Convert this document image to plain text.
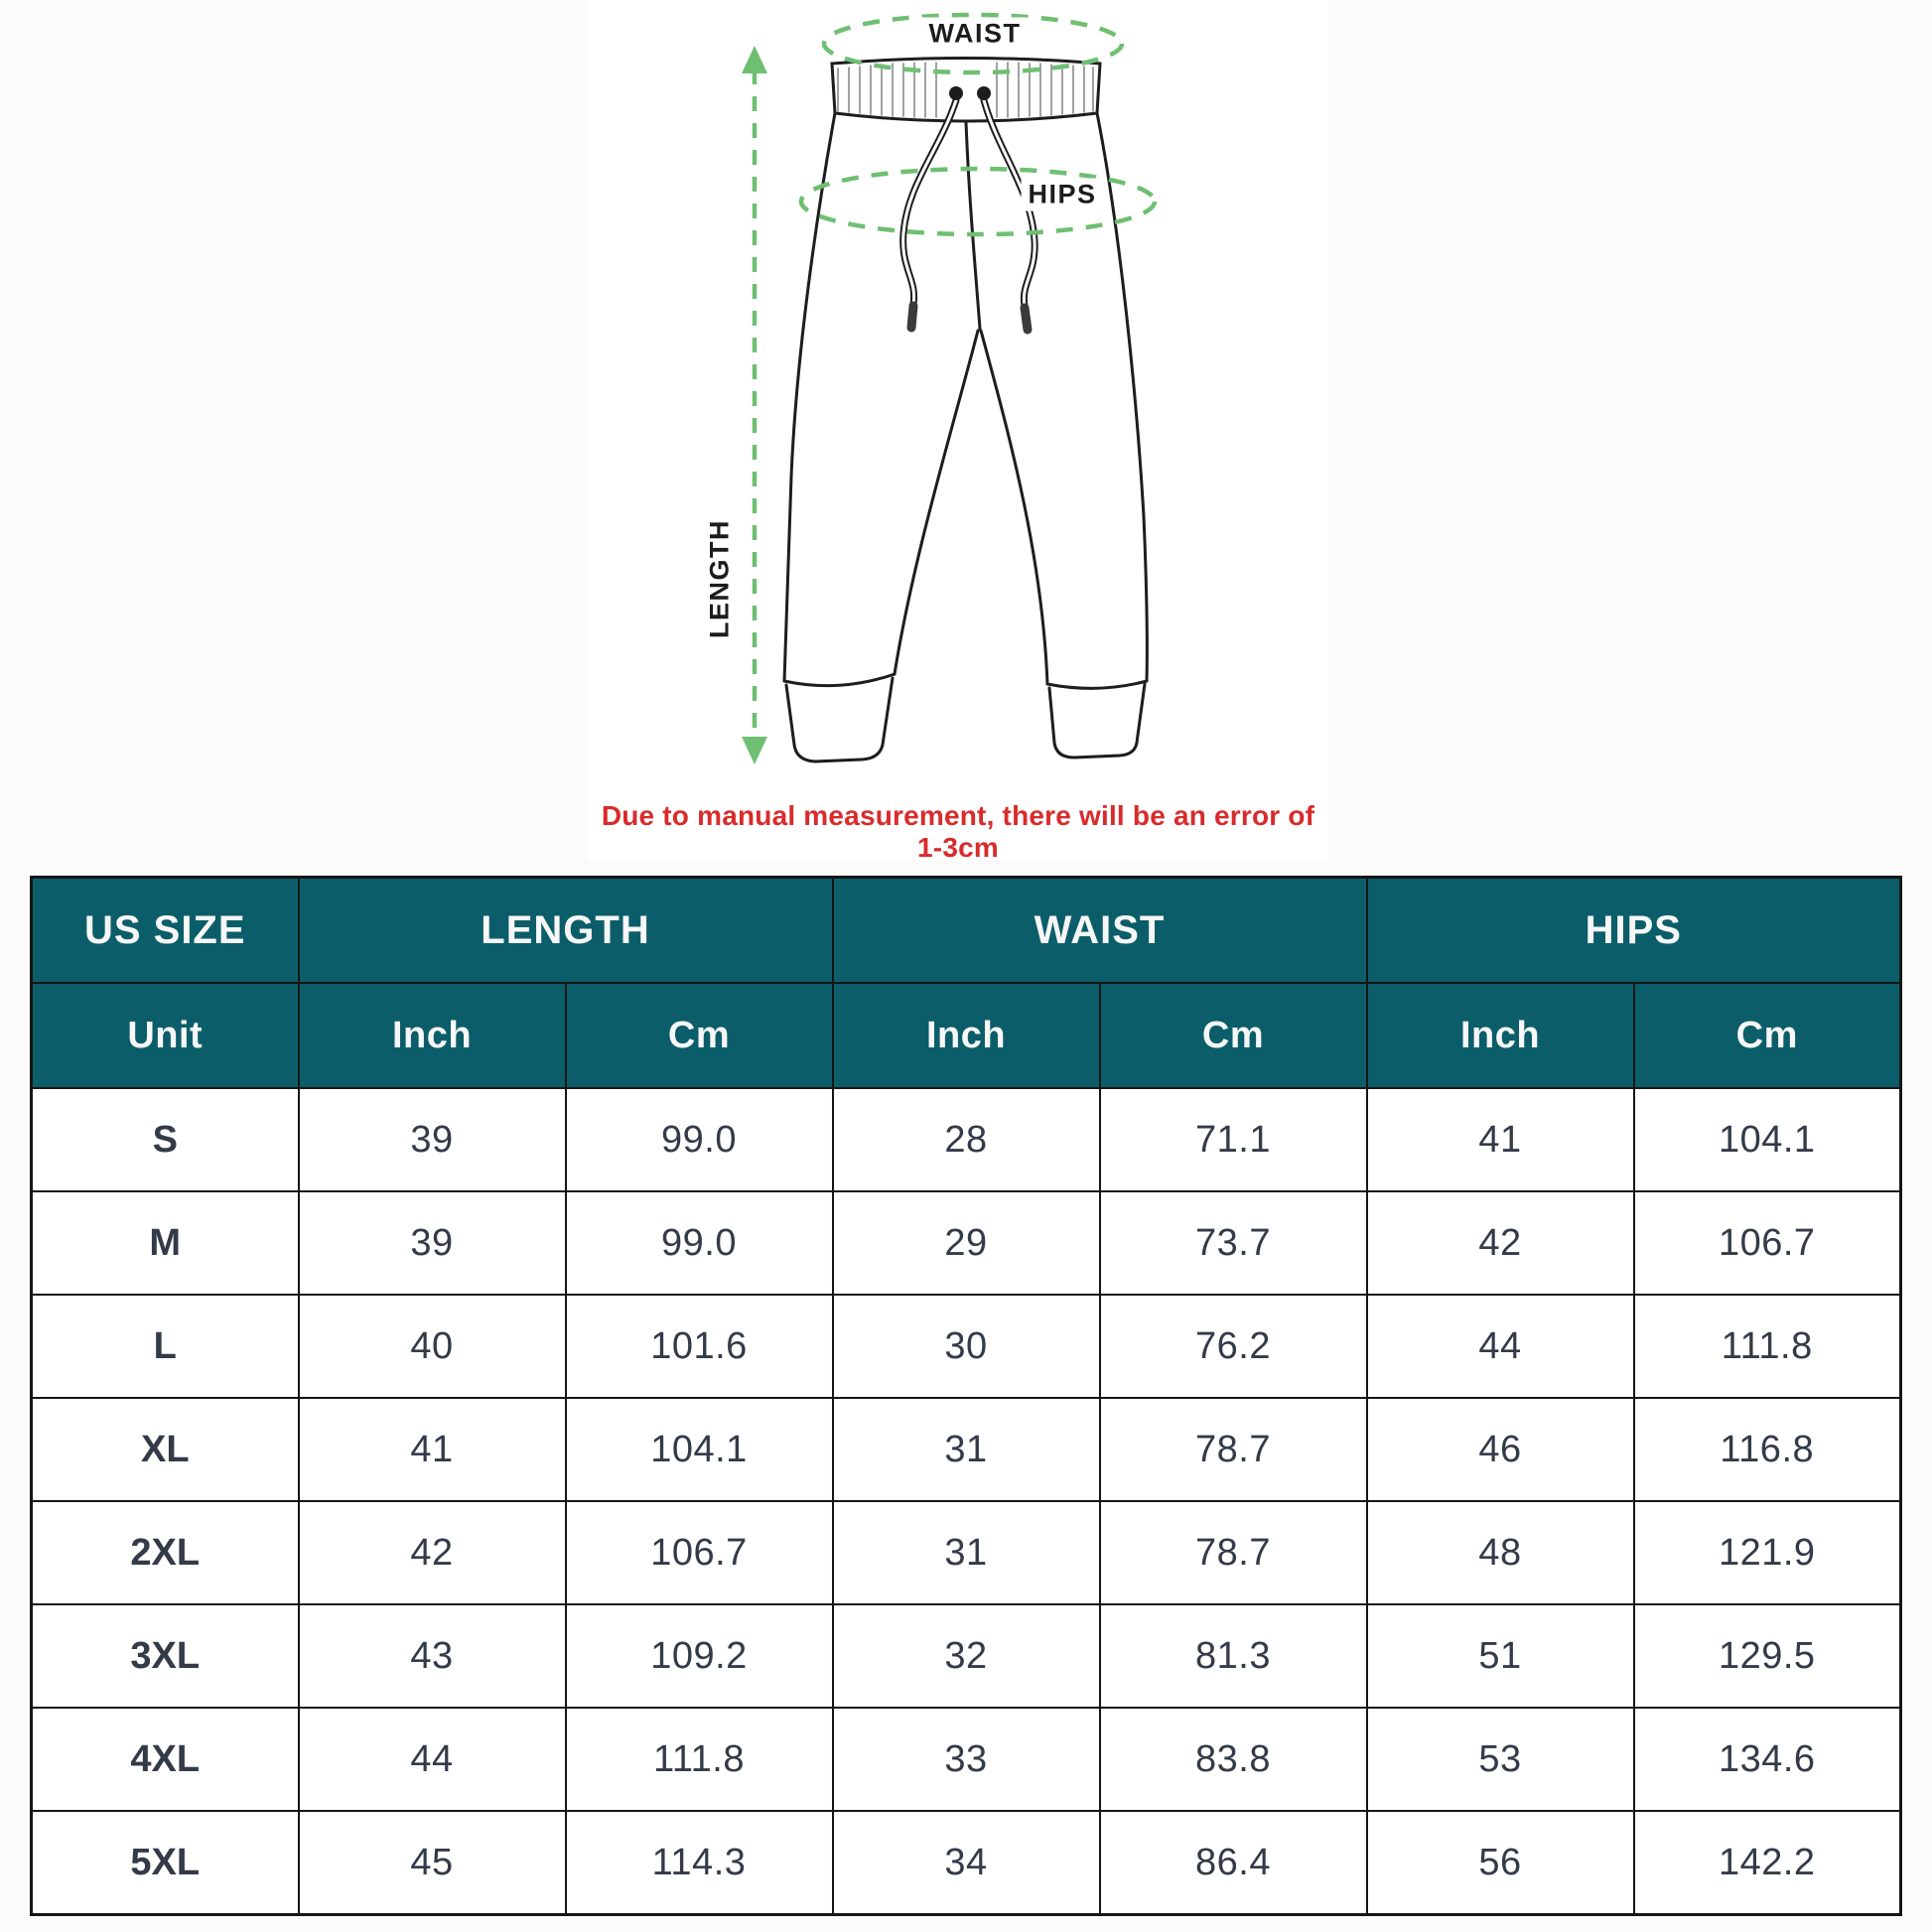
WAIST
HIPS
LENGTH
Due to manual measurement, there will be an error of 1-3cm
US SIZE	LENGTH		WAIST		HIPS	
Unit	Inch	Cm	Inch	Cm	Inch	Cm
S	39	99.0	28	71.1	41	104.1
M	39	99.0	29	73.7	42	106.7
L	40	101.6	30	76.2	44	111.8
XL	41	104.1	31	78.7	46	116.8
2XL	42	106.7	31	78.7	48	121.9
3XL	43	109.2	32	81.3	51	129.5
4XL	44	111.8	33	83.8	53	134.6
5XL	45	114.3	34	86.4	56	142.2
